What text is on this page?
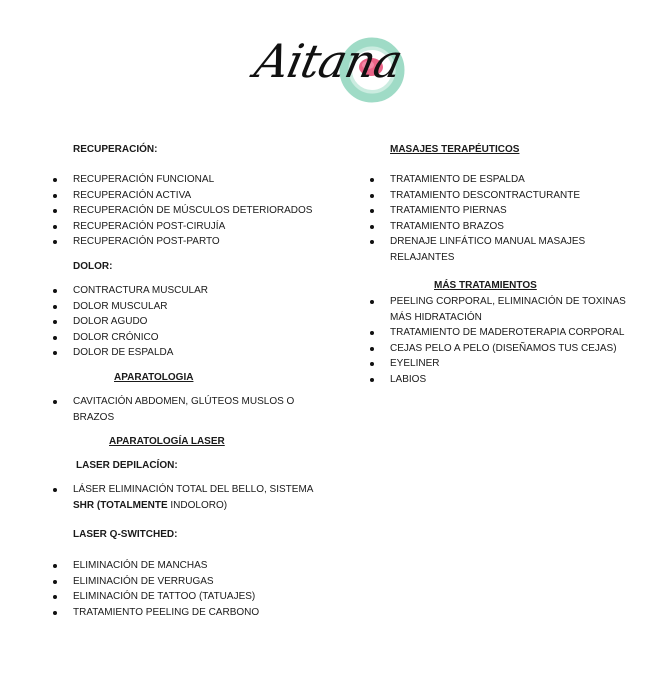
Aitana
RECUPERACIÓN:
RECUPERACIÓN FUNCIONAL
RECUPERACIÓN ACTIVA
RECUPERACIÓN DE MÚSCULOS DETERIORADOS
RECUPERACIÓN POST-CIRUJÍA
RECUPERACIÓN POST-PARTO
DOLOR:
CONTRACTURA MUSCULAR
DOLOR MUSCULAR
DOLOR AGUDO
DOLOR CRÓNICO
DOLOR DE ESPALDA
APARATOLOGIA
CAVITACIÓN ABDOMEN, GLÚTEOS MUSLOS O
BRAZOS
APARATOLOGÍA LASER
LASER DEPILACÍON:
LÁSER ELIMINACIÓN TOTAL DEL BELLO, SISTEMA
SHR (TOTALMENTE INDOLORO)
LASER Q-SWITCHED:
ELIMINACIÓN DE MANCHAS
ELIMINACIÓN DE VERRUGAS
ELIMINACIÓN DE TATTOO (TATUAJES)
TRATAMIENTO PEELING DE CARBONO
MASAJES TERAPÉUTICOS
TRATAMIENTO DE ESPALDA
TRATAMIENTO DESCONTRACTURANTE
TRATAMIENTO PIERNAS
TRATAMIENTO BRAZOS
DRENAJE LINFÁTICO MANUAL MASAJES
RELAJANTES
MÁS TRATAMIENTOS
PEELING CORPORAL, ELIMINACIÓN DE TOXINAS
MÁS HIDRATACIÓN
TRATAMIENTO DE MADEROTERAPIA CORPORAL
CEJAS PELO A PELO (DISEÑAMOS TUS CEJAS)
EYELINER
LABIOS
